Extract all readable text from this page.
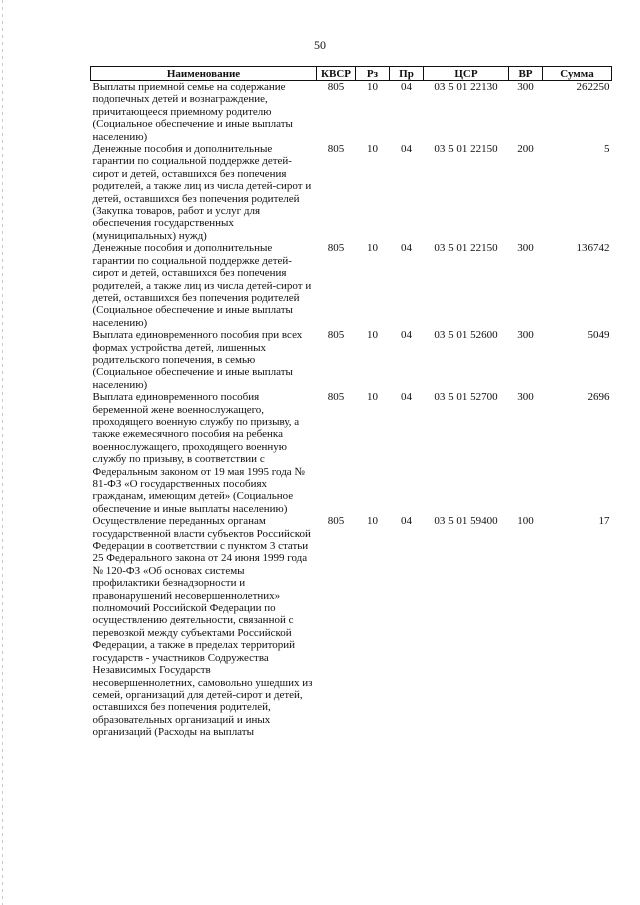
50
Наименование	КВСР	Рз	Пр	ЦСР	ВР	Сумма
Выплаты приемной семье на содержание подопечных детей и вознаграждение, причитающееся приемному родителю (Социальное обеспечение и иные выплаты населению)	805	10	04	03 5 01 22130	300	262250
Денежные пособия и дополнительные гарантии по социальной поддержке детей-сирот и детей, оставшихся без попечения родителей, а также лиц из числа детей-сирот и детей, оставшихся без попечения родителей (Закупка товаров, работ и услуг для обеспечения государственных (муниципальных) нужд)	805	10	04	03 5 01 22150	200	5
Денежные пособия и дополнительные гарантии по социальной поддержке детей-сирот и детей, оставшихся без попечения родителей, а также лиц из числа детей-сирот и детей, оставшихся без попечения родителей (Социальное обеспечение и иные выплаты населению)	805	10	04	03 5 01 22150	300	136742
Выплата единовременного пособия при всех формах устройства детей, лишенных родительского попечения, в семью (Социальное обеспечение и иные выплаты населению)	805	10	04	03 5 01 52600	300	5049
Выплата единовременного пособия беременной жене военнослужащего, проходящего военную службу по призыву, а также ежемесячного пособия на ребенка военнослужащего, проходящего военную службу по призыву, в соответствии с Федеральным законом от 19 мая 1995 года № 81-ФЗ «О государственных пособиях гражданам, имеющим детей» (Социальное обеспечение и иные выплаты населению)	805	10	04	03 5 01 52700	300	2696
Осуществление переданных органам государственной власти субъектов Российской Федерации в соответствии с пунктом 3 статьи 25 Федерального закона от 24 июня 1999 года № 120-ФЗ «Об основах системы профилактики безнадзорности и правонарушений несовершеннолетних» полномочий Российской Федерации по осуществлению деятельности, связанной с перевозкой между субъектами Российской Федерации, а также в пределах территорий государств - участников Содружества Независимых Государств несовершеннолетних, самовольно ушедших из семей, организаций для детей-сирот и детей, оставшихся без попечения родителей, образовательных организаций и иных организаций (Расходы на выплаты	805	10	04	03 5 01 59400	100	17
